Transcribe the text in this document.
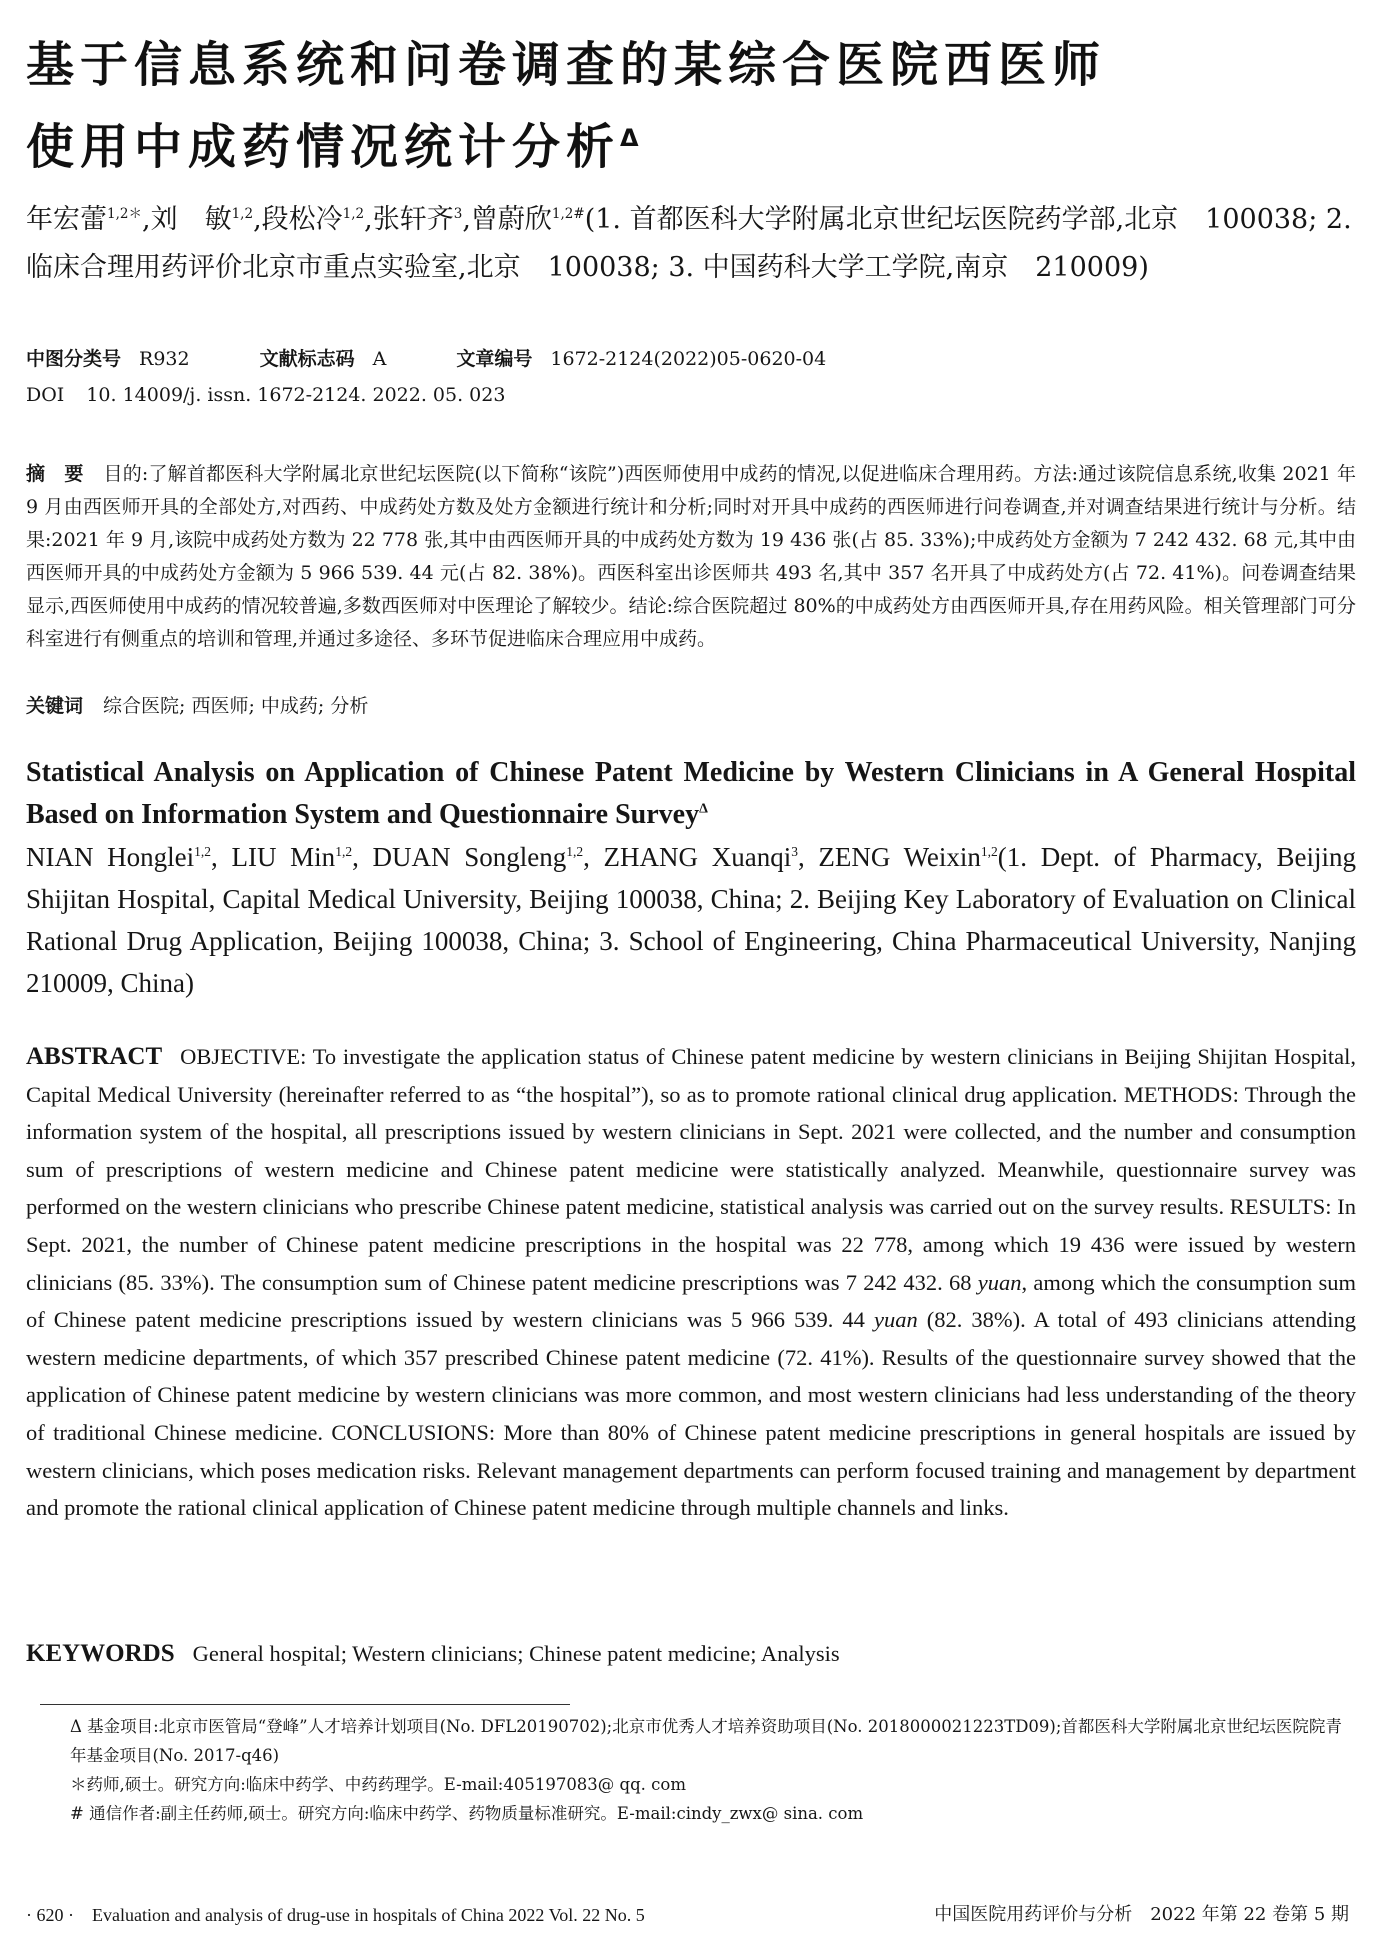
基于信息系统和问卷调查的某综合医院西医师
使用中成药情况统计分析$^\Delta$

年宏蕾$^{1,2*}$,刘　敏$^{1,2}$,段松冷$^{1,2}$,张轩齐$^3$,曾蔚欣$^{1,2\#}$(1. 首都医科大学附属北京世纪坛医院药学部,北京　100038; 2. 临床合理用药评价北京市重点实验室,北京　100038; 3. 中国药科大学工学院,南京　210009)

中图分类号 R932	文献标志码 A	文章编号 1672-2124(2022)05-0620-04

DOI 10. 14009/j. issn. 1672-2124. 2022. 05. 023

摘　要 目的:了解首都医科大学附属北京世纪坛医院(以下简称“该院”)西医师使用中成药的情况,以促进临床合理用药。方法:通过该院信息系统,收集 2021 年 9 月由西医师开具的全部处方,对西药、中成药处方数及处方金额进行统计和分析;同时对开具中成药的西医师进行问卷调查,并对调查结果进行统计与分析。结果:2021 年 9 月,该院中成药处方数为 22 778 张,其中由西医师开具的中成药处方数为 19 436 张(占 85. 33%);中成药处方金额为 7 242 432. 68 元,其中由西医师开具的中成药处方金额为 5 966 539. 44 元(占 82. 38%)。西医科室出诊医师共 493 名,其中 357 名开具了中成药处方(占 72. 41%)。问卷调查结果显示,西医师使用中成药的情况较普遍,多数西医师对中医理论了解较少。结论:综合医院超过 80%的中成药处方由西医师开具,存在用药风险。相关管理部门可分科室进行有侧重点的培训和管理,并通过多途径、多环节促进临床合理应用中成药。

关键词 综合医院; 西医师; 中成药; 分析

Statistical Analysis on Application of Chinese Patent Medicine by Western Clinicians in A General Hospital Based on Information System and Questionnaire Survey$^\Delta$

NIAN Honglei$^{1,2}$, LIU Min$^{1,2}$, DUAN Songleng$^{1,2}$, ZHANG Xuanqi$^3$, ZENG Weixin$^{1,2}$(1. Dept. of Pharmacy, Beijing Shijitan Hospital, Capital Medical University, Beijing 100038, China; 2. Beijing Key Laboratory of Evaluation on Clinical Rational Drug Application, Beijing 100038, China; 3. School of Engineering, China Pharmaceutical University, Nanjing 210009, China)

ABSTRACT OBJECTIVE: To investigate the application status of Chinese patent medicine by western clinicians in Beijing Shijitan Hospital, Capital Medical University (hereinafter referred to as “the hospital”), so as to promote rational clinical drug application. METHODS: Through the information system of the hospital, all prescriptions issued by western clinicians in Sept. 2021 were collected, and the number and consumption sum of prescriptions of western medicine and Chinese patent medicine were statistically analyzed. Meanwhile, questionnaire survey was performed on the western clinicians who prescribe Chinese patent medicine, statistical analysis was carried out on the survey results. RESULTS: In Sept. 2021, the number of Chinese patent medicine prescriptions in the hospital was 22 778, among which 19 436 were issued by western clinicians (85. 33%). The consumption sum of Chinese patent medicine prescriptions was 7 242 432. 68 yuan, among which the consumption sum of Chinese patent medicine prescriptions issued by western clinicians was 5 966 539. 44 yuan (82. 38%). A total of 493 clinicians attending western medicine departments, of which 357 prescribed Chinese patent medicine (72. 41%). Results of the questionnaire survey showed that the application of Chinese patent medicine by western clinicians was more common, and most western clinicians had less understanding of the theory of traditional Chinese medicine. CONCLUSIONS: More than 80% of Chinese patent medicine prescriptions in general hospitals are issued by western clinicians, which poses medication risks. Relevant management departments can perform focused training and management by department and promote the rational clinical application of Chinese patent medicine through multiple channels and links.

KEYWORDS General hospital; Western clinicians; Chinese patent medicine; Analysis

Δ 基金项目:北京市医管局“登峰”人才培养计划项目(No. DFL20190702);北京市优秀人才培养资助项目(No. 2018000021223TD09);首都医科大学附属北京世纪坛医院院青年基金项目(No. 2017-q46)
＊药师,硕士。研究方向:临床中药学、中药药理学。E-mail:405197083@ qq. com
# 通信作者:副主任药师,硕士。研究方向:临床中药学、药物质量标准研究。E-mail:cindy_zwx@ sina. com
· 620 ·　Evaluation and analysis of drug-use in hospitals of China 2022 Vol. 22 No. 5	中国医院用药评价与分析　2022 年第 22 卷第 5 期
